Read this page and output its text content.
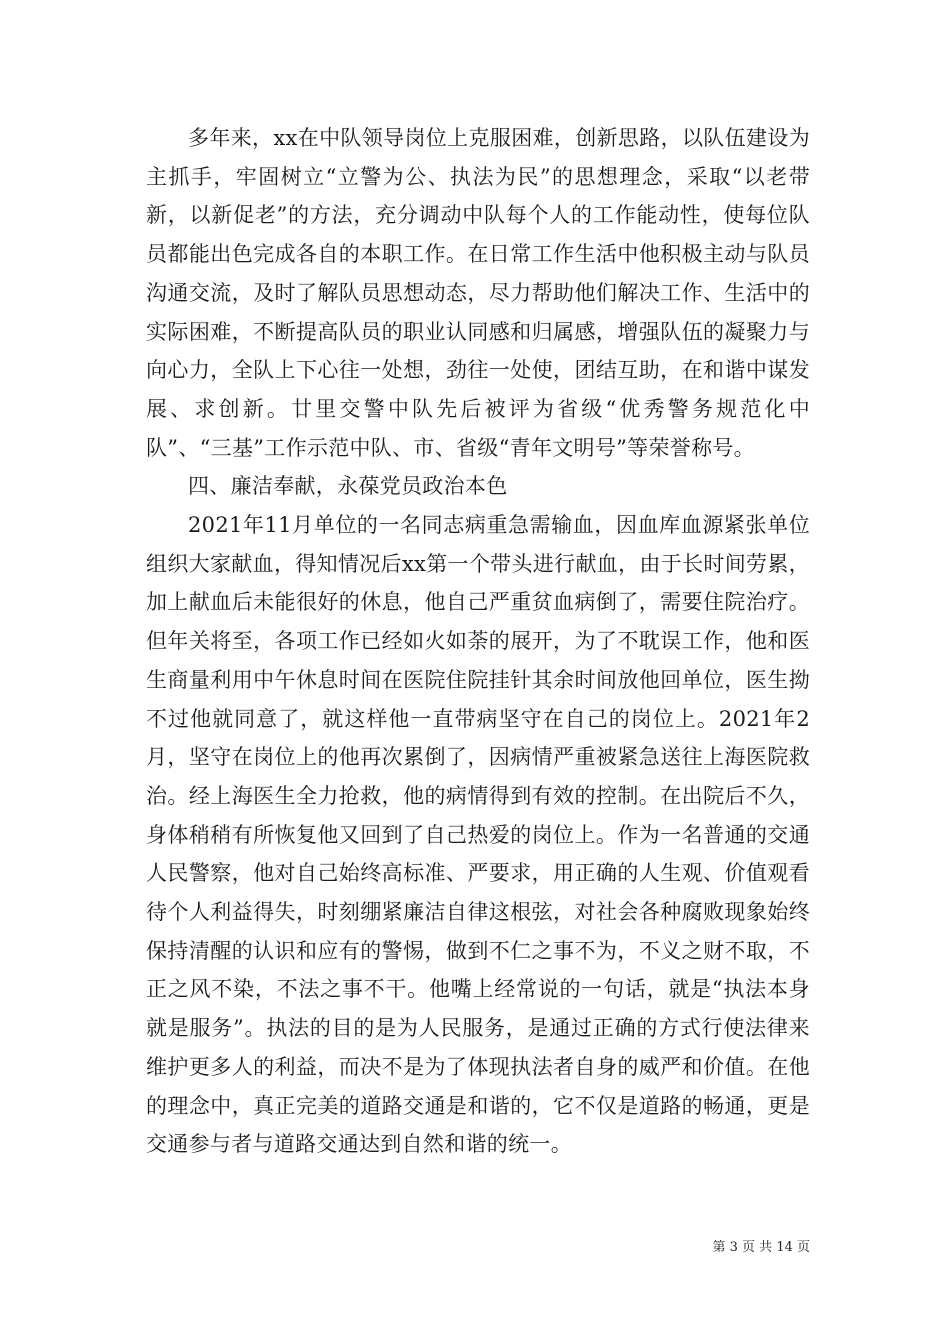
多年来，xx在中队领导岗位上克服困难，创新思路，以队伍建设为主抓手，牢固树立“立警为公、执法为民”的思想理念，采取“以老带新，以新促老”的方法，充分调动中队每个人的工作能动性，使每位队员都能出色完成各自的本职工作。在日常工作生活中他积极主动与队员沟通交流，及时了解队员思想动态，尽力帮助他们解决工作、生活中的实际困难，不断提高队员的职业认同感和归属感，增强队伍的凝聚力与向心力，全队上下心往一处想，劲往一处使，团结互助，在和谐中谋发展、求创新。廿里交警中队先后被评为省级“优秀警务规范化中队”、“三基”工作示范中队、市、省级“青年文明号”等荣誉称号。

四、廉洁奉献，永葆党员政治本色

2021年11月单位的一名同志病重急需输血，因血库血源紧张单位组织大家献血，得知情况后xx第一个带头进行献血，由于长时间劳累，加上献血后未能很好的休息，他自己严重贫血病倒了，需要住院治疗。但年关将至，各项工作已经如火如荼的展开，为了不耽误工作，他和医生商量利用中午休息时间在医院住院挂针其余时间放他回单位，医生拗不过他就同意了，就这样他一直带病坚守在自己的岗位上。2021年2月，坚守在岗位上的他再次累倒了，因病情严重被紧急送往上海医院救治。经上海医生全力抢救，他的病情得到有效的控制。在出院后不久，身体稍稍有所恢复他又回到了自己热爱的岗位上。作为一名普通的交通人民警察，他对自己始终高标准、严要求，用正确的人生观、价值观看待个人利益得失，时刻绷紧廉洁自律这根弦，对社会各种腐败现象始终保持清醒的认识和应有的警惕，做到不仁之事不为，不义之财不取，不正之风不染，不法之事不干。他嘴上经常说的一句话，就是“执法本身就是服务”。执法的目的是为人民服务，是通过正确的方式行使法律来维护更多人的利益，而决不是为了体现执法者自身的威严和价值。在他的理念中，真正完美的道路交通是和谐的，它不仅是道路的畅通，更是交通参与者与道路交通达到自然和谐的统一。

第 3 页 共 14 页
